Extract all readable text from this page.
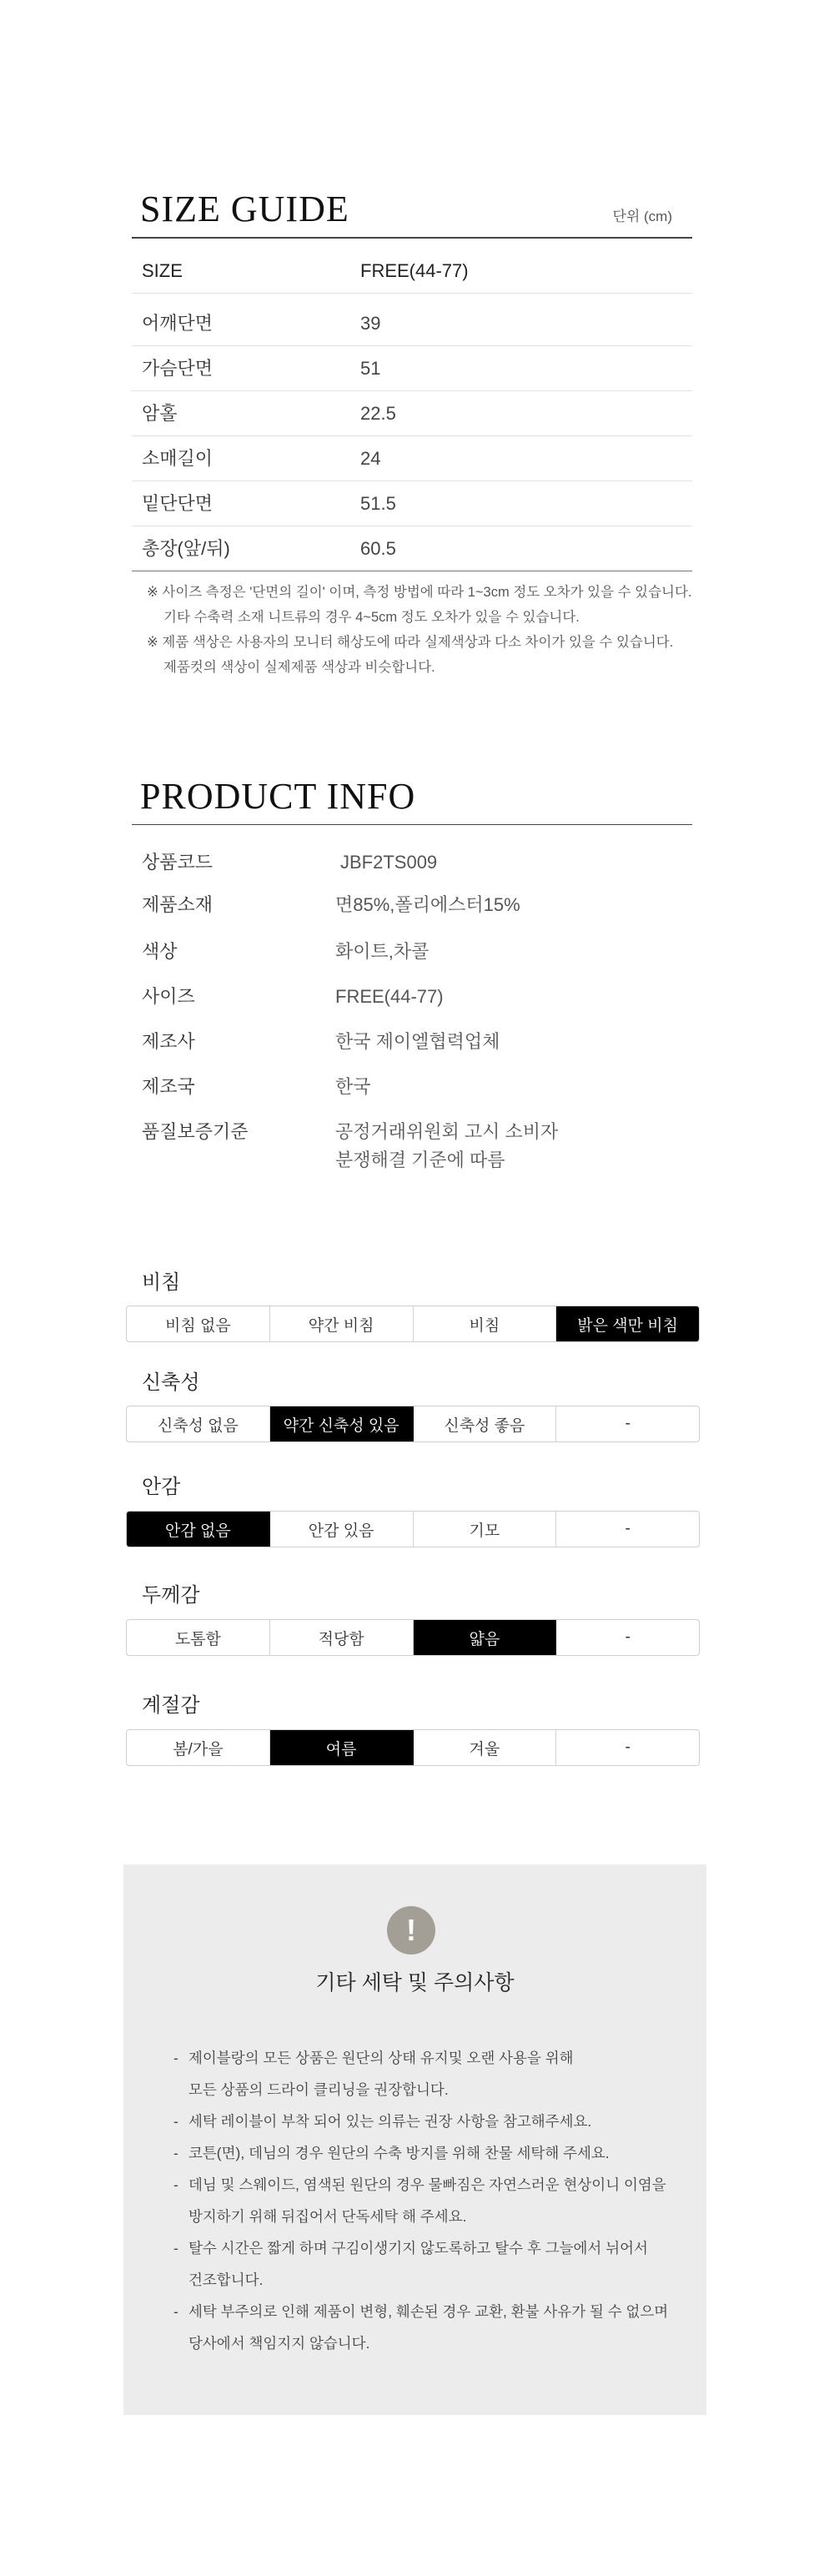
SIZE GUIDE	단위 (cm)
SIZE	FREE(44-77)
어깨단면	39
가슴단면	51
암홀	22.5
소매길이	24
밑단단면	51.5
총장(앞/뒤)	60.5
※ 사이즈 측정은 '단면의 길이' 이며, 측정 방법에 따라 1~3cm 정도 오차가 있을 수 있습니다.
기타 수축력 소재 니트류의 경우 4~5cm 정도 오차가 있을 수 있습니다.
※ 제품 색상은 사용자의 모니터 해상도에 따라 실제색상과 다소 차이가 있을 수 있습니다.
제품컷의 색상이 실제제품 색상과 비슷합니다.
PRODUCT INFO
상품코드	JBF2TS009
제품소재	면85%,폴리에스터15%
색상	화이트,차콜
사이즈	FREE(44-77)
제조사	한국 제이엘협력업체
제조국	한국
품질보증기준	공정거래위원회 고시 소비자
분쟁해결 기준에 따름
비침
비침 없음	약간 비침	비침	밝은 색만 비침
신축성
신축성 없음	약간 신축성 있음	신축성 좋음	-
안감
안감 없음	안감 있음	기모	-
두께감
도톰함	적당함	얇음	-
계절감
봄/가을	여름	겨울	-
!
기타 세탁 및 주의사항
- 제이블랑의 모든 상품은 원단의 상태 유지및 오랜 사용을 위해
모든 상품의 드라이 클리닝을 권장합니다.
- 세탁 레이블이 부착 되어 있는 의류는 권장 사항을 참고해주세요.
- 코튼(면), 데님의 경우 원단의 수축 방지를 위해 찬물 세탁해 주세요.
- 데님 및 스웨이드, 염색된 원단의 경우 물빠짐은 자연스러운 현상이니 이염을
방지하기 위해 뒤집어서 단독세탁 해 주세요.
- 탈수 시간은 짧게 하며 구김이생기지 않도록하고 탈수 후 그늘에서 뉘어서
건조합니다.
- 세탁 부주의로 인해 제품이 변형, 훼손된 경우 교환, 환불 사유가 될 수 없으며
당사에서 책임지지 않습니다.
